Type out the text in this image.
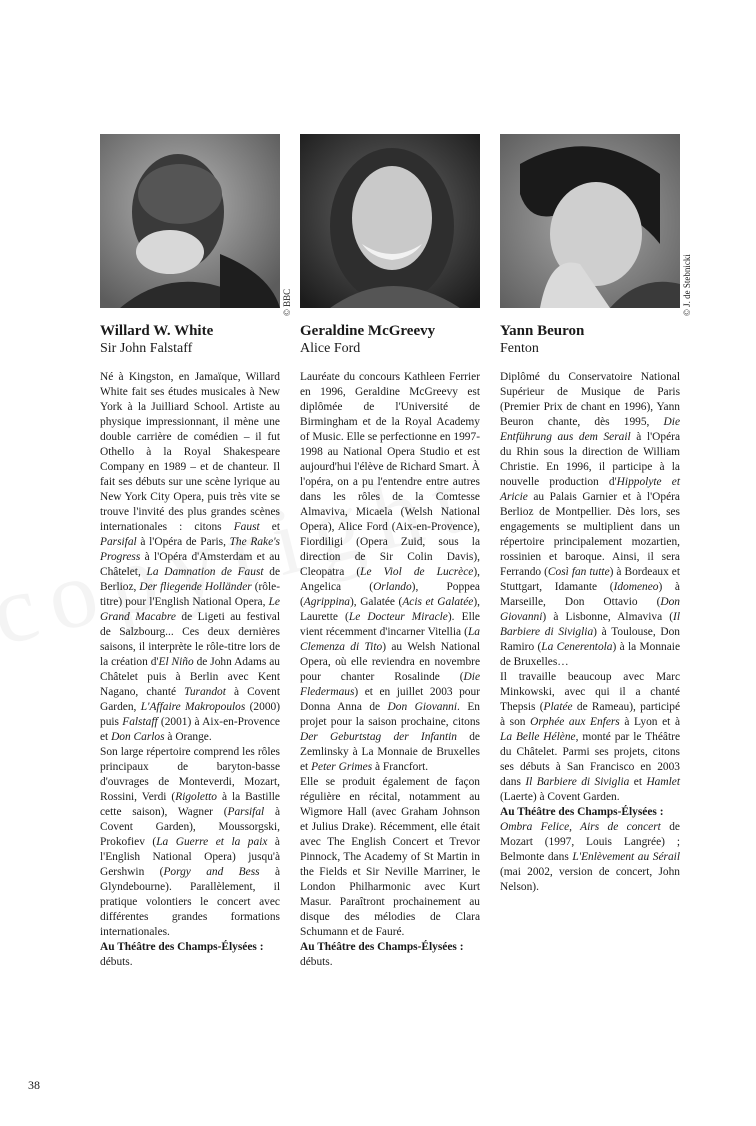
Willard W. White
Sir John Falstaff

Né à Kingston, en Jamaïque, Willard White fait ses études musicales à New York à la Juilliard School. Artiste au physique impressionnant, il mène une double carrière de comédien – il fut Othello à la Royal Shakespeare Company en 1989 – et de chanteur. Il fait ses débuts sur une scène lyrique au New York City Opera, puis très vite se trouve l'invité des plus grandes scènes internationales : citons Faust et Parsifal à l'Opéra de Paris, The Rake's Progress à l'Opéra d'Amsterdam et au Châtelet, La Damnation de Faust de Berlioz, Der fliegende Holländer (rôle-titre) pour l'English National Opera, Le Grand Macabre de Ligeti au festival de Salzbourg... Ces deux dernières saisons, il interprète le rôle-titre lors de la création d'El Niño de John Adams au Châtelet puis à Berlin avec Kent Nagano, chanté Turandot à Covent Garden, L'Affaire Makropoulos (2000) puis Falstaff (2001) à Aix-en-Provence et Don Carlos à Orange.

Son large répertoire comprend les rôles principaux de baryton-basse d'ouvrages de Monteverdi, Mozart, Rossini, Verdi (Rigoletto à la Bastille cette saison), Wagner (Parsifal à Covent Garden), Moussorgski, Prokofiev (La Guerre et la paix à l'English National Opera) jusqu'à Gershwin (Porgy and Bess à Glyndebourne). Parallèlement, il pratique volontiers le concert avec différentes grandes formations internationales.

Au Théâtre des Champs-Élysées :

débuts.

© BBC
Geraldine McGreevy
Alice Ford

Lauréate du concours Kathleen Ferrier en 1996, Geraldine McGreevy est diplômée de l'Université de Birmingham et de la Royal Academy of Music. Elle se perfectionne en 1997-1998 au National Opera Studio et est aujourd'hui l'élève de Richard Smart. À l'opéra, on a pu l'entendre entre autres dans les rôles de la Comtesse Almaviva, Micaela (Welsh National Opera), Alice Ford (Aix-en-Provence), Fiordiligi (Opera Zuid, sous la direction de Sir Colin Davis), Cleopatra (Le Viol de Lucrèce), Angelica (Orlando), Poppea (Agrippina), Galatée (Acis et Galatée), Laurette (Le Docteur Miracle). Elle vient récemment d'incarner Vitellia (La Clemenza di Tito) au Welsh National Opera, où elle reviendra en novembre pour chanter Rosalinde (Die Fledermaus) et en juillet 2003 pour Donna Anna de Don Giovanni. En projet pour la saison prochaine, citons Der Geburtstag der Infantin de Zemlinsky à La Monnaie de Bruxelles et Peter Grimes à Francfort.

Elle se produit également de façon régulière en récital, notamment au Wigmore Hall (avec Graham Johnson et Julius Drake). Récemment, elle était avec The English Concert et Trevor Pinnock, The Academy of St Martin in the Fields et Sir Neville Marriner, le London Philharmonic avec Kurt Masur. Paraîtront prochainement au disque des mélodies de Clara Schumann et de Fauré.

Au Théâtre des Champs-Élysées :

débuts.

Yann Beuron
Fenton

Diplômé du Conservatoire National Supérieur de Musique de Paris (Premier Prix de chant en 1996), Yann Beuron chante, dès 1995, Die Entführung aus dem Serail à l'Opéra du Rhin sous la direction de William Christie. En 1996, il participe à la nouvelle production d'Hippolyte et Aricie au Palais Garnier et à l'Opéra Berlioz de Montpellier. Dès lors, ses engagements se multiplient dans un répertoire principalement mozartien, rossinien et baroque. Ainsi, il sera Ferrando (Così fan tutte) à Bordeaux et Stuttgart, Idamante (Idomeneo) à Marseille, Don Ottavio (Don Giovanni) à Lisbonne, Almaviva (Il Barbiere di Siviglia) à Toulouse, Don Ramiro (La Cenerentola) à la Monnaie de Bruxelles…

Il travaille beaucoup avec Marc Minkowski, avec qui il a chanté Thepsis (Platée de Rameau), participé à son Orphée aux Enfers à Lyon et à La Belle Hélène, monté par le Théâtre du Châtelet. Parmi ses projets, citons ses débuts à San Francisco en 2003 dans Il Barbiere di Siviglia et Hamlet (Laerte) à Covent Garden.

Au Théâtre des Champs-Élysées :

Ombra Felice, Airs de concert de Mozart (1997, Louis Langrée) ; Belmonte dans L'Enlèvement au Sérail (mai 2002, version de concert, John Nelson).

© J. de Stebnicki
38
